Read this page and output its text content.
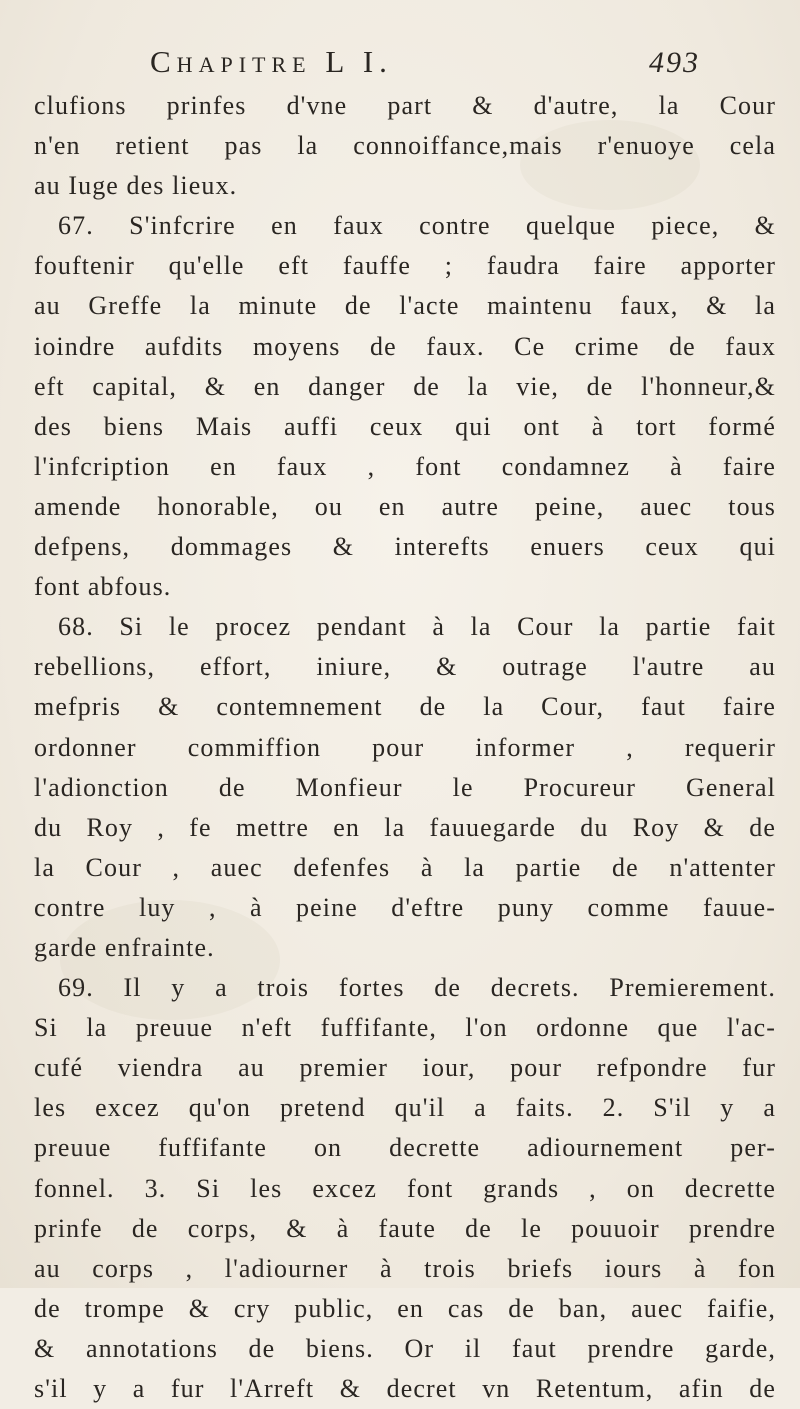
Chapitre L I.	493
clufions prinfes d'vne part & d'autre, la Cour
n'en retient pas la connoiffance,mais r'enuoye cela
au Iuge des lieux.
67. S'infcrire en faux contre quelque piece, &
fouftenir qu'elle eft fauffe ; faudra faire apporter
au Greffe la minute de l'acte maintenu faux, & la
ioindre aufdits moyens de faux. Ce crime de faux
eft capital, & en danger de la vie, de l'honneur,&
des biens Mais auffi ceux qui ont à tort formé
l'infcription en faux , font condamnez à faire
amende honorable, ou en autre peine, auec tous
defpens, dommages & interefts enuers ceux qui
font abfous.
68. Si le procez pendant à la Cour la partie fait
rebellions, effort, iniure, & outrage l'autre au
mefpris & contemnement de la Cour, faut faire
ordonner commiffion pour informer , requerir
l'adionction de Monfieur le Procureur General
du Roy , fe mettre en la fauuegarde du Roy & de
la Cour , auec defenfes à la partie de n'attenter
contre luy , à peine d'eftre puny comme fauue-
garde enfrainte.
69. Il y a trois fortes de decrets. Premierement.
Si la preuue n'eft fuffifante, l'on ordonne que l'ac-
cufé viendra au premier iour, pour refpondre fur
les excez qu'on pretend qu'il a faits. 2. S'il y a
preuue fuffifante on decrette adiournement per-
fonnel. 3. Si les excez font grands , on decrette
prinfe de corps, & à faute de le pouuoir prendre
au corps , l'adiourner à trois briefs iours à fon
de trompe & cry public, en cas de ban, auec faifie,
& annotations de biens. Or il faut prendre garde,
s'il y a fur l'Arreft & decret vn Retentum, afin de
